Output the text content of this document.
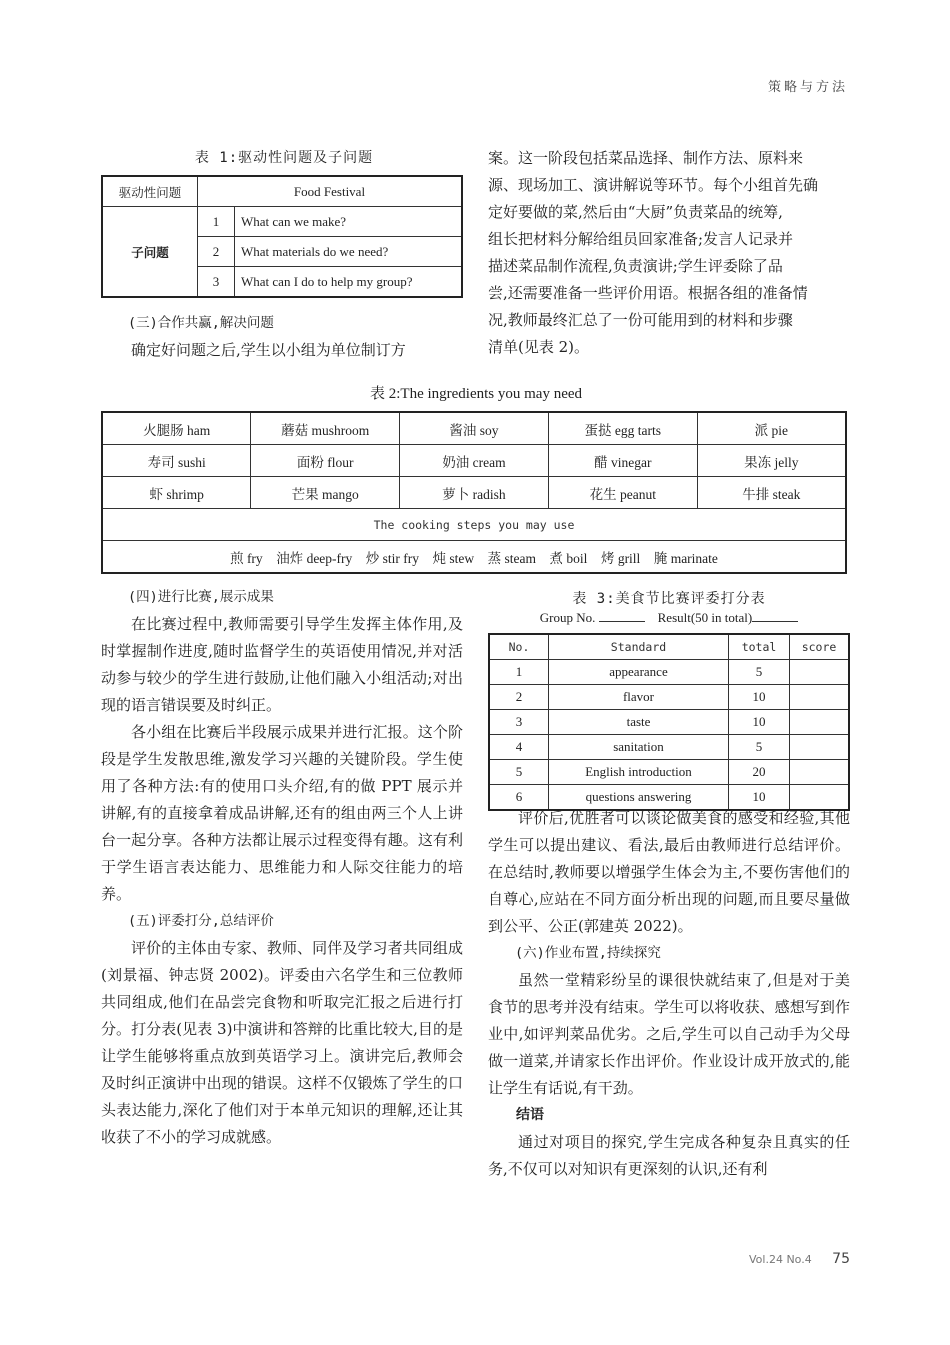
策略与方法
表 1:驱动性问题及子问题
驱动性问题	Food Festival	
子问题	1	What can we make?
	2	What materials do we need?
	3	What can I do to help my group?

(三)合作共赢,解决问题

确定好问题之后,学生以小组为单位制订方

案。这一阶段包括菜品选择、制作方法、原料来
源、现场加工、演讲解说等环节。每个小组首先确
定好要做的菜,然后由“大厨”负责菜品的统筹,
组长把材料分解给组员回家准备;发言人记录并
描述菜品制作流程,负责演讲;学生评委除了品
尝,还需要准备一些评价用语。根据各组的准备情
况,教师最终汇总了一份可能用到的材料和步骤
清单(见表 2)。
表 2:The ingredients you may need
火腿肠 ham	蘑菇 mushroom	酱油 soy	蛋挞 egg tarts	派 pie
寿司 sushi	面粉 flour	奶油 cream	醋 vinegar	果冻 jelly
虾 shrimp	芒果 mango	萝卜 radish	花生 peanut	牛排 steak
The cooking steps you may use				
煎 fry 油炸 deep-fry 炒 stir fry 炖 stew 蒸 steam 煮 boil 烤 grill 腌 marinate				

(四)进行比赛,展示成果

在比赛过程中,教师需要引导学生发挥主体作用,及时掌握制作进度,随时监督学生的英语使用情况,并对活动参与较少的学生进行鼓励,让他们融入小组活动;对出现的语言错误要及时纠正。

各小组在比赛后半段展示成果并进行汇报。这个阶段是学生发散思维,激发学习兴趣的关键阶段。学生使用了各种方法:有的使用口头介绍,有的做 PPT 展示并讲解,有的直接拿着成品讲解,还有的组由两三个人上讲台一起分享。各种方法都让展示过程变得有趣。这有利于学生语言表达能力、思维能力和人际交往能力的培养。

(五)评委打分,总结评价

评价的主体由专家、教师、同伴及学习者共同组成(刘景福、钟志贤 2002)。评委由六名学生和三位教师共同组成,他们在品尝完食物和听取完汇报之后进行打分。打分表(见表 3)中演讲和答辩的比重比较大,目的是让学生能够将重点放到英语学习上。演讲完后,教师会及时纠正演讲中出现的错误。这样不仅锻炼了学生的口头表达能力,深化了他们对于本单元知识的理解,还让其收获了不小的学习成就感。

表 3:美食节比赛评委打分表
Group No.	Result(50 in total)
No.	Standard	total	score
1	appearance	5	
2	flavor	10	
3	taste	10	
4	sanitation	5	
5	English introduction	20	
6	questions answering	10	

评价后,优胜者可以谈论做美食的感受和经验,其他学生可以提出建议、看法,最后由教师进行总结评价。在总结时,教师要以增强学生体会为主,不要伤害他们的自尊心,应站在不同方面分析出现的问题,而且要尽量做到公平、公正(郭建英 2022)。

(六)作业布置,持续探究

虽然一堂精彩纷呈的课很快就结束了,但是对于美食节的思考并没有结束。学生可以将收获、感想写到作业中,如评判菜品优劣。之后,学生可以自己动手为父母做一道菜,并请家长作出评价。作业设计成开放式的,能让学生有话说,有干劲。

结语

通过对项目的探究,学生完成各种复杂且真实的任务,不仅可以对知识有更深刻的认识,还有利

Vol.24 No.4 75
